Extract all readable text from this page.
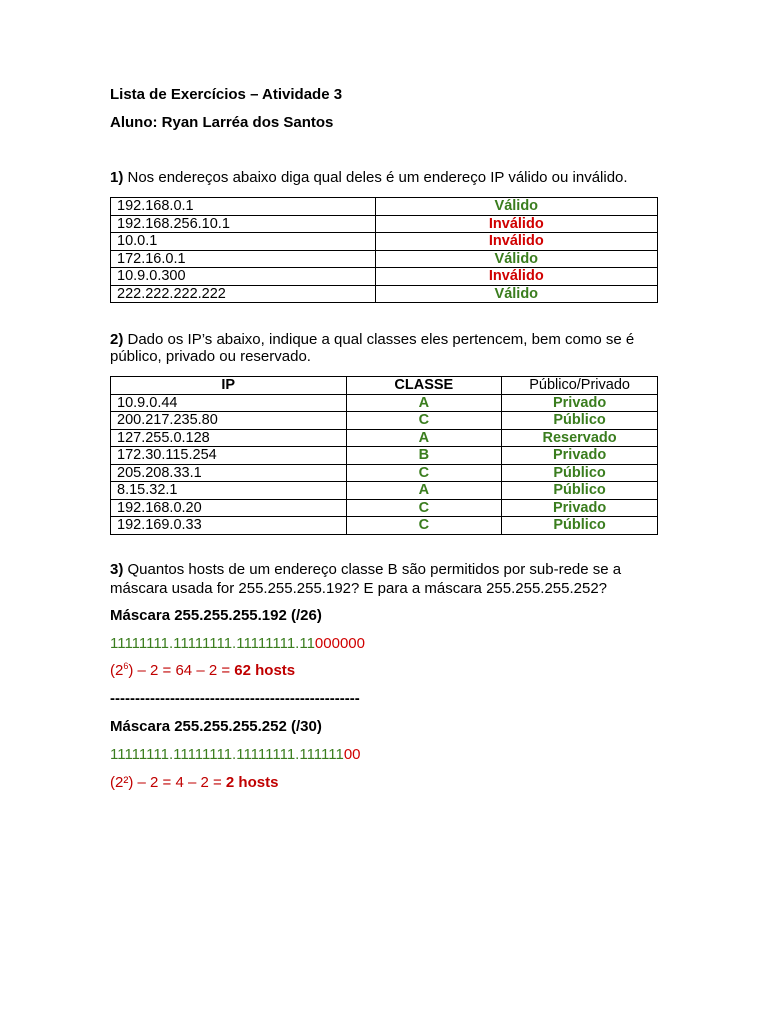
Lista de Exercícios – Atividade 3
Aluno: Ryan Larréa dos Santos
1) Nos endereços abaixo diga qual deles é um endereço IP válido ou inválido.
192.168.0.1	Válido
192.168.256.10.1	Inválido
10.0.1	Inválido
172.16.0.1	Válido
10.9.0.300	Inválido
222.222.222.222	Válido
2) Dado os IP’s abaixo, indique a qual classes eles pertencem, bem como se é
público, privado ou reservado.
IP	CLASSE	Público/Privado
10.9.0.44	A	Privado
200.217.235.80	C	Público
127.255.0.128	A	Reservado
172.30.115.254	B	Privado
205.208.33.1	C	Público
8.15.32.1	A	Público
192.168.0.20	C	Privado
192.169.0.33	C	Público
3) Quantos hosts de um endereço classe B são permitidos por sub-rede se a
máscara usada for 255.255.255.192? E para a máscara 255.255.255.252?
Máscara 255.255.255.192 (/26)
11111111.11111111.11111111.11000000
$(2^6) - 2 = 64 - 2 = 62$ hosts
--------------------------------------------------
Máscara 255.255.255.252 (/30)
11111111.11111111.11111111.11111100
(2²) – 2 = 4 – 2 = 2 hosts
